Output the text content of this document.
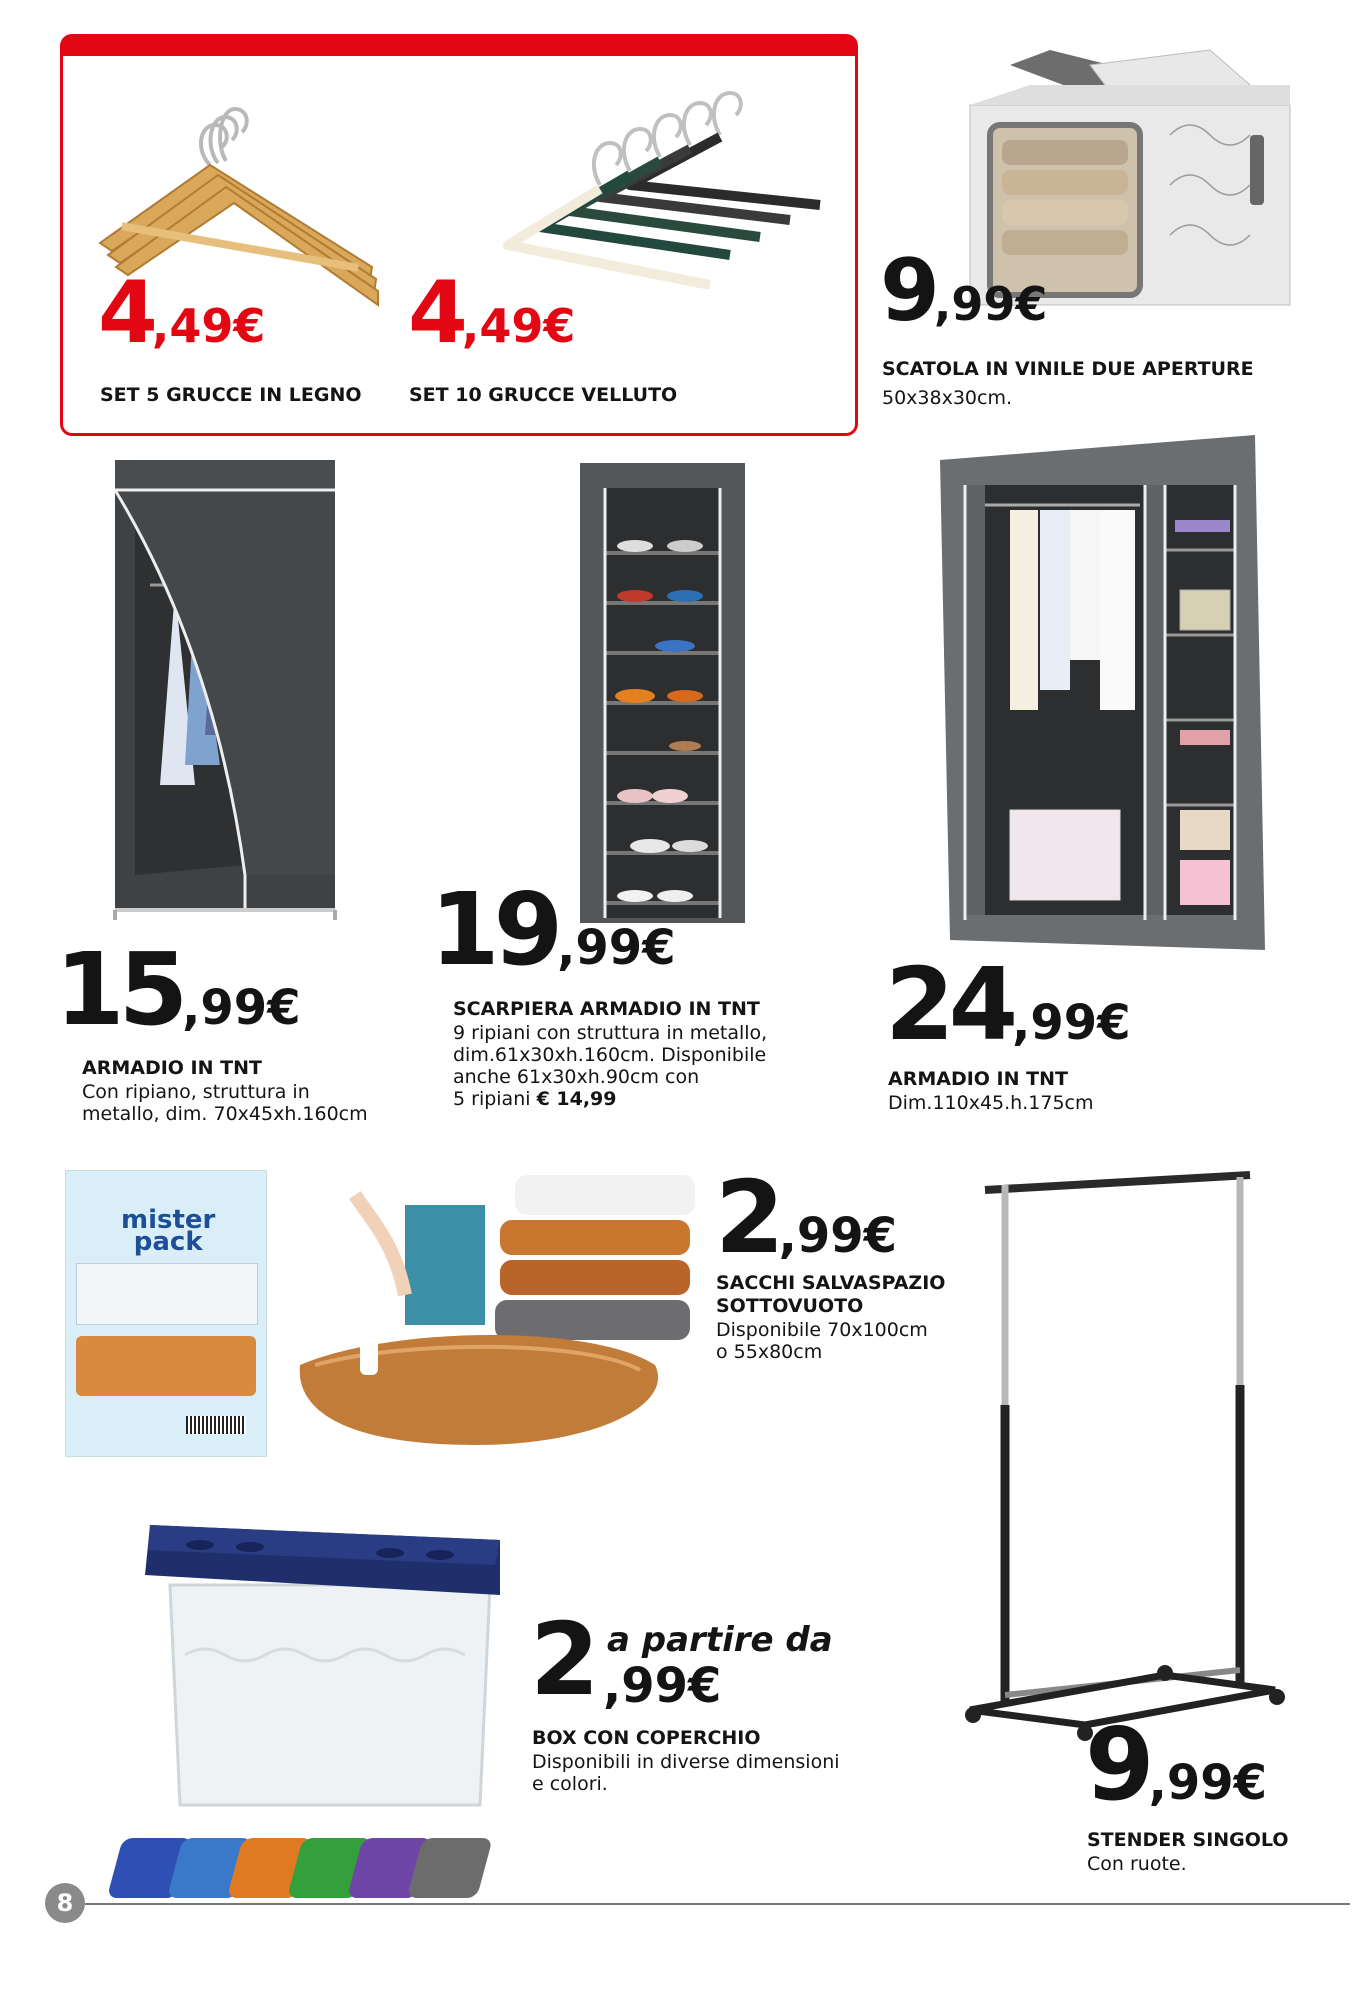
4,49€
SET 5 GRUCCE IN LEGNO
4,49€
SET 10 GRUCCE VELLUTO
9,99€
SCATOLA IN VINILE DUE APERTURE
50x38x30cm.
15,99€
ARMADIO IN TNT
Con ripiano, struttura in
metallo, dim. 70x45xh.160cm
19,99€
SCARPIERA ARMADIO IN TNT
9 ripiani con struttura in metallo,
dim.61x30xh.160cm. Disponibile
anche 61x30xh.90cm con
5 ripiani € 14,99
24,99€
ARMADIO IN TNT
Dim.110x45.h.175cm
mister
pack	2,99€
SACCHI SALVASPAZIO
SOTTOVUOTO
Disponibile 70x100cm
o 55x80cm
9,99€
STENDER SINGOLO
Con ruote.
2 a partire da
,99€
BOX CON COPERCHIO
Disponibili in diverse dimensioni
e colori.
8
